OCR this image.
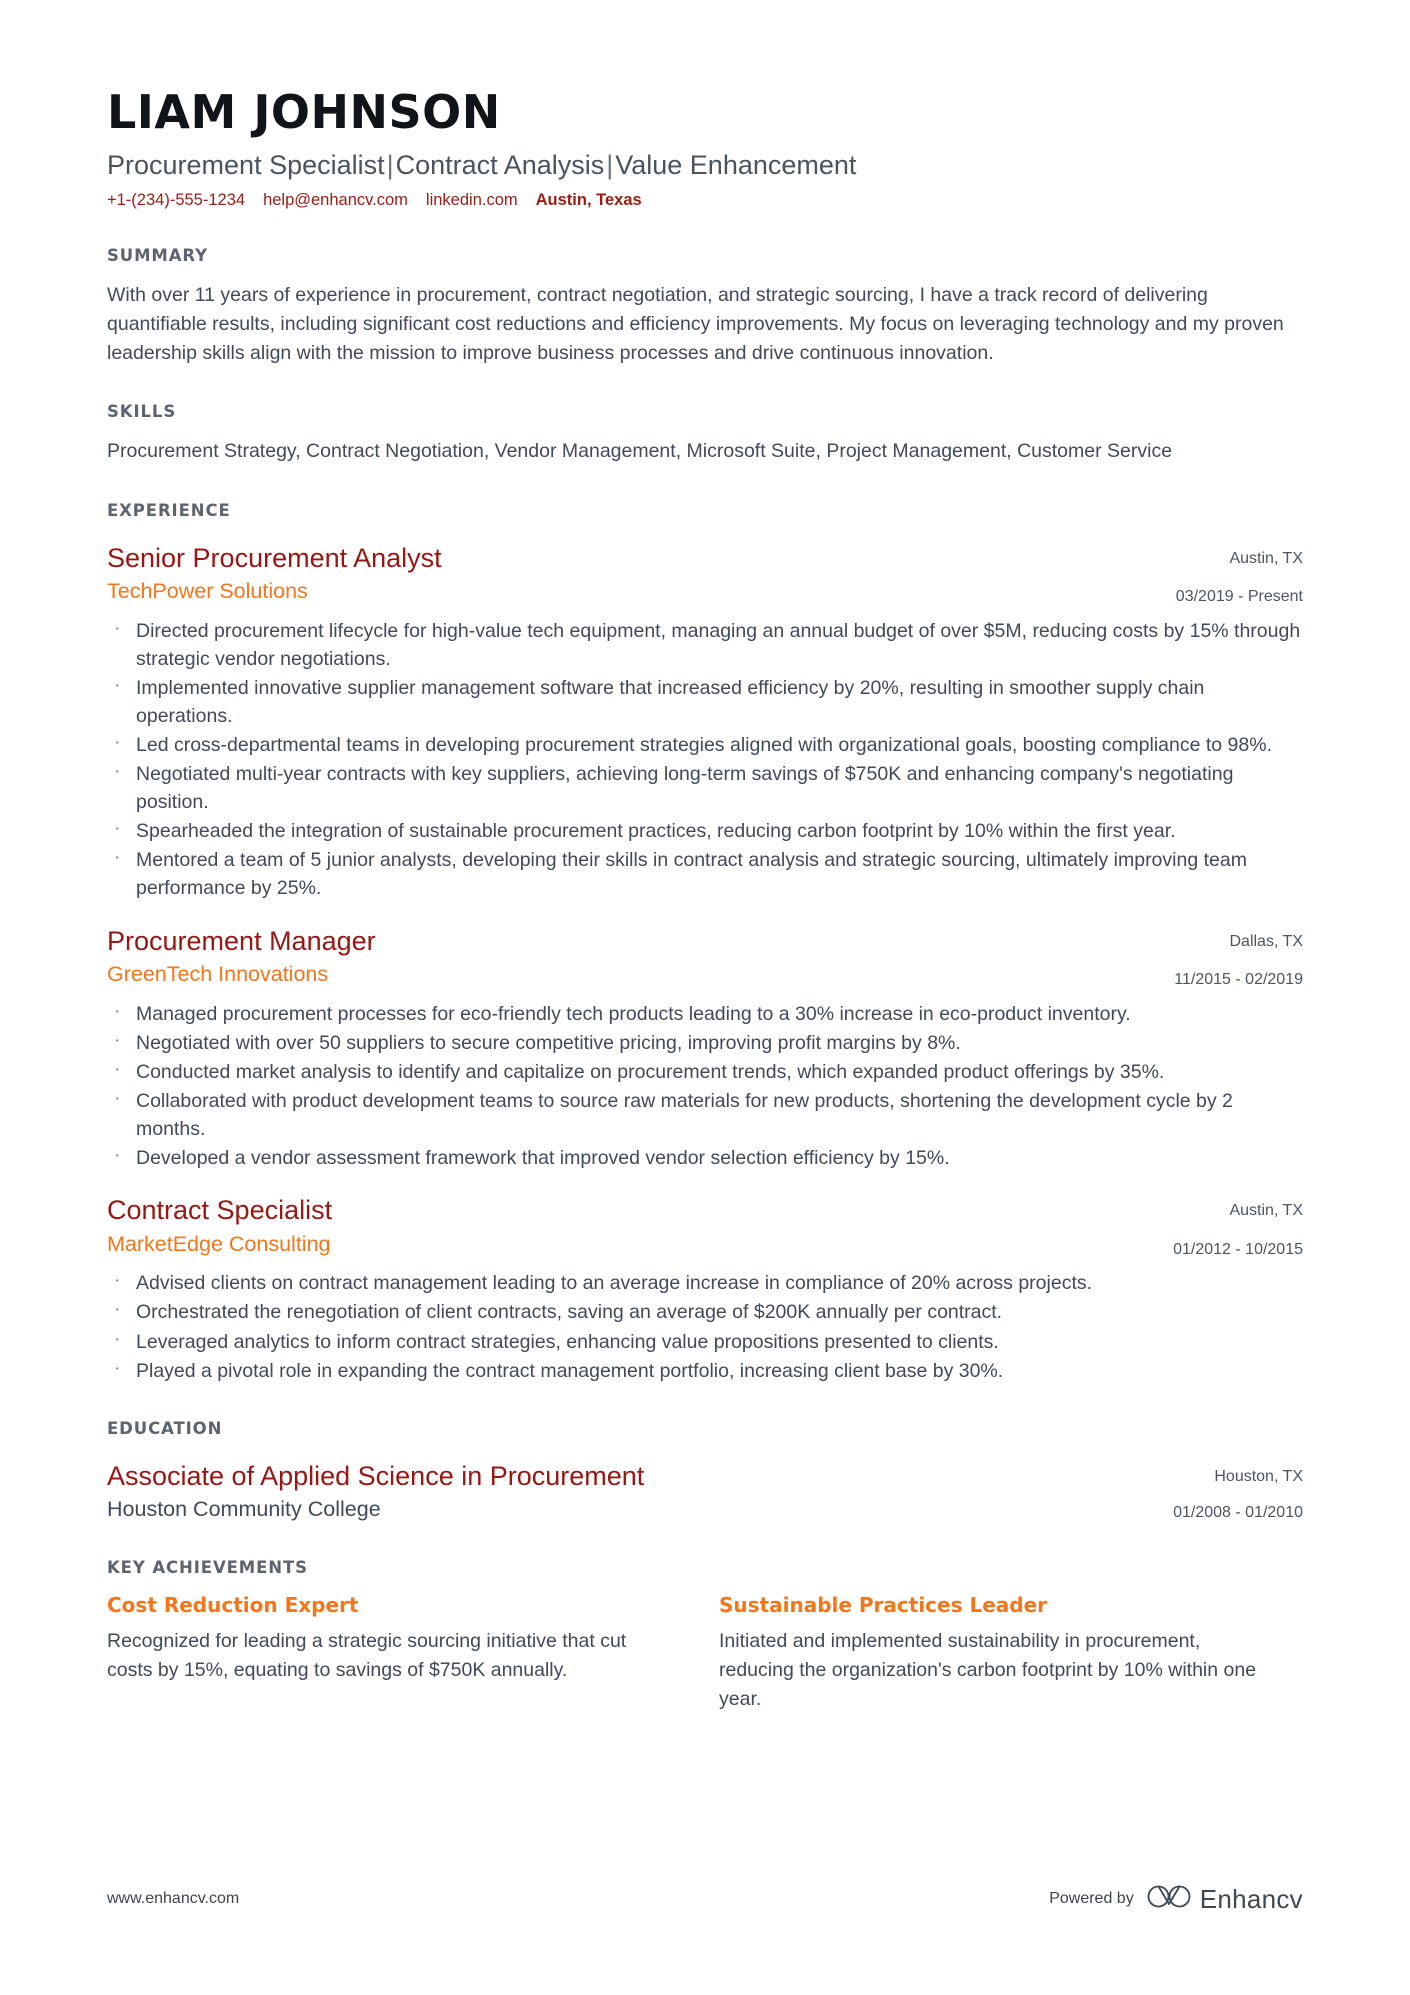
LIAM JOHNSON
Procurement Specialist|Contract Analysis|Value Enhancement
+1-(234)-555-1234 help@enhancv.com linkedin.com Austin, Texas
SUMMARY

With over 11 years of experience in procurement, contract negotiation, and strategic sourcing, I have a track record of delivering quantifiable results, including significant cost reductions and efficiency improvements. My focus on leveraging technology and my proven leadership skills align with the mission to improve business processes and drive continuous innovation.

SKILLS

Procurement Strategy, Contract Negotiation, Vendor Management, Microsoft Suite, Project Management, Customer Service

EXPERIENCE
Senior Procurement Analyst
TechPower Solutions
Austin, TX
03/2019 - Present
· Directed procurement lifecycle for high-value tech equipment, managing an annual budget of over $5M, reducing costs by 15% through strategic vendor negotiations.
· Implemented innovative supplier management software that increased efficiency by 20%, resulting in smoother supply chain operations.
· Led cross-departmental teams in developing procurement strategies aligned with organizational goals, boosting compliance to 98%.
· Negotiated multi-year contracts with key suppliers, achieving long-term savings of $750K and enhancing company's negotiating position.
· Spearheaded the integration of sustainable procurement practices, reducing carbon footprint by 10% within the first year.
· Mentored a team of 5 junior analysts, developing their skills in contract analysis and strategic sourcing, ultimately improving team performance by 25%.
Procurement Manager
GreenTech Innovations
Dallas, TX
11/2015 - 02/2019
· Managed procurement processes for eco-friendly tech products leading to a 30% increase in eco-product inventory.
· Negotiated with over 50 suppliers to secure competitive pricing, improving profit margins by 8%.
· Conducted market analysis to identify and capitalize on procurement trends, which expanded product offerings by 35%.
· Collaborated with product development teams to source raw materials for new products, shortening the development cycle by 2 months.
· Developed a vendor assessment framework that improved vendor selection efficiency by 15%.
Contract Specialist
MarketEdge Consulting
Austin, TX
01/2012 - 10/2015
· Advised clients on contract management leading to an average increase in compliance of 20% across projects.
· Orchestrated the renegotiation of client contracts, saving an average of $200K annually per contract.
· Leveraged analytics to inform contract strategies, enhancing value propositions presented to clients.
· Played a pivotal role in expanding the contract management portfolio, increasing client base by 30%.
EDUCATION
Associate of Applied Science in Procurement
Houston Community College
Houston, TX
01/2008 - 01/2010
KEY ACHIEVEMENTS
Cost Reduction Expert

Recognized for leading a strategic sourcing initiative that cut costs by 15%, equating to savings of $750K annually.

Sustainable Practices Leader

Initiated and implemented sustainability in procurement, reducing the organization's carbon footprint by 10% within one year.

www.enhancv.com	Powered by	Enhancv
